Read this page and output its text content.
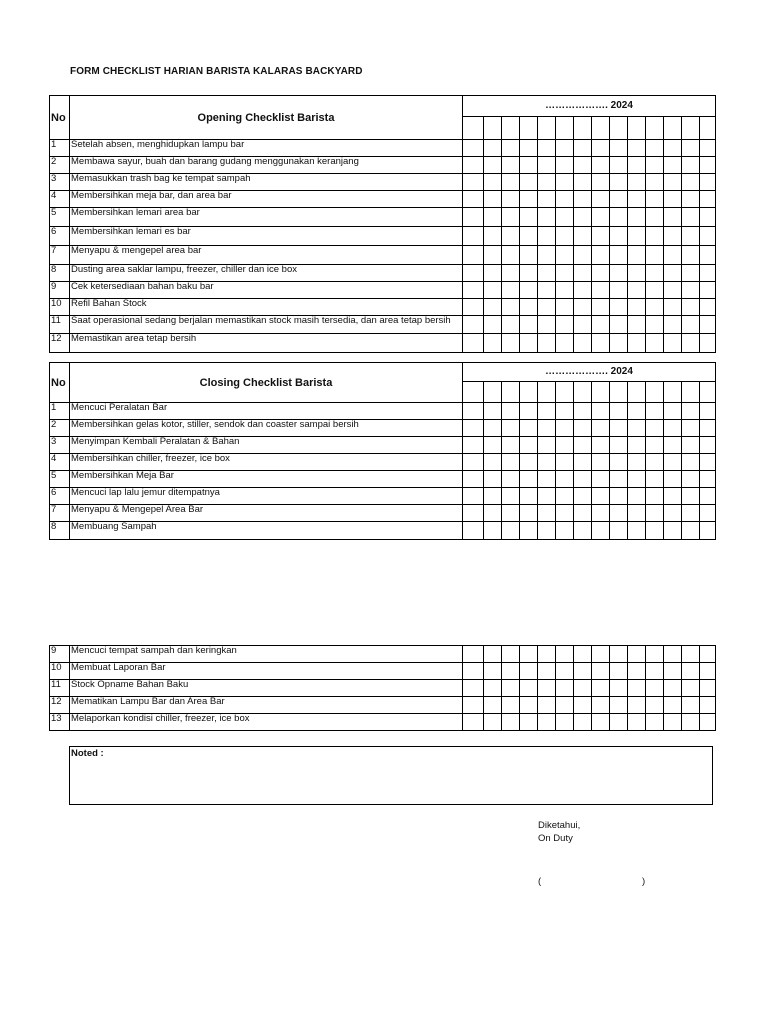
FORM CHECKLIST HARIAN BARISTA KALARAS BACKYARD
No	Opening Checklist Barista	………………. 2024													

1	Setelah absen, menghidupkan lampu bar														
2	Membawa sayur, buah dan barang gudang menggunakan keranjang														
3	Memasukkan trash bag ke tempat sampah														
4	Membersihkan meja bar, dan area bar														
5	Membersihkan lemari area bar														
6	Membersihkan lemari es bar														
7	Menyapu & mengepel area bar														
8	Dusting area saklar lampu, freezer, chiller dan ice box														
9	Cek ketersediaan bahan baku bar														
10	Refil Bahan Stock														
11	Saat operasional sedang berjalan memastikan stock masih tersedia, dan area tetap bersih														
12	Memastikan area tetap bersih														
No	Closing Checklist Barista	………………. 2024													

1	Mencuci Peralatan Bar														
2	Membersihkan gelas kotor, stiller, sendok dan coaster sampai bersih														
3	Menyimpan Kembali Peralatan & Bahan														
4	Membersihkan chiller, freezer, ice box														
5	Membersihkan Meja Bar														
6	Mencuci lap lalu jemur ditempatnya														
7	Menyapu & Mengepel Area Bar														
8	Membuang Sampah														
9	Mencuci tempat sampah dan keringkan														
10	Membuat Laporan Bar														
11	Stock Opname Bahan Baku														
12	Mematikan Lampu Bar dan Area Bar														
13	Melaporkan kondisi chiller, freezer, ice box														
Noted :
Diketahui,
On Duty
(	)
